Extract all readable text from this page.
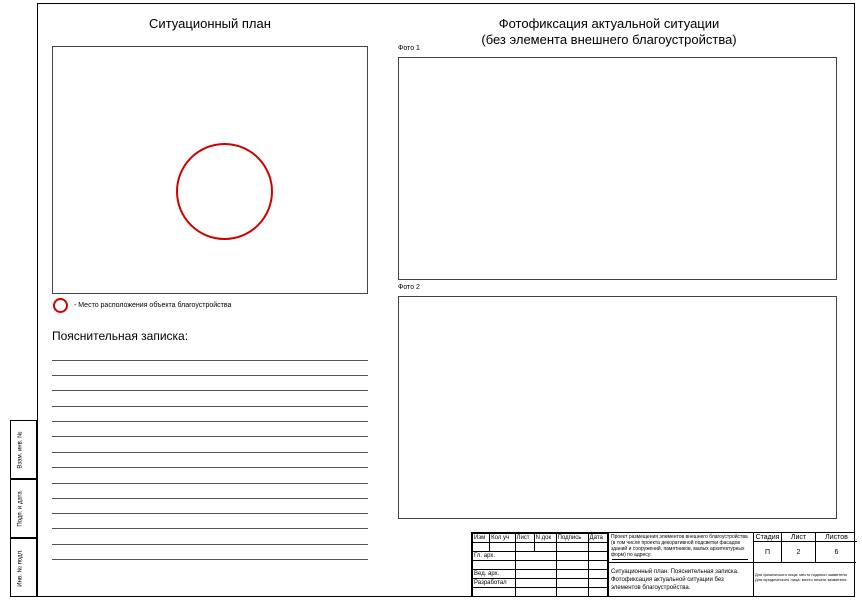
Ситуационный план
- Место расположения объекта благоустройства
Пояснительная записка:
Фотофиксация актуальной ситуации
(без элемента внешнего благоустройства)
Фото 1
Фото 2
Взам. инв. №
Подп. и дата
Инв. № подл.
Изм	Кол уч	Лист	N док	Подпись	Дата

Гл. арх.					

Вед. арх.					
Разработал					

Проект размещения элементов внешнего благоустройства (в том числе проекта декоративной подсветки фасадов зданий и сооружений, памятников, малых архитектурных форм) по адресу:
Ситуационный план. Пояснительная записка. Фотофиксация актуальной ситуации без элементов благоустройства.
Стадия	Лист	Листов
П	2	6
Для физического лица: место подписи заявителя Для юридического лица: место печати заявителя
